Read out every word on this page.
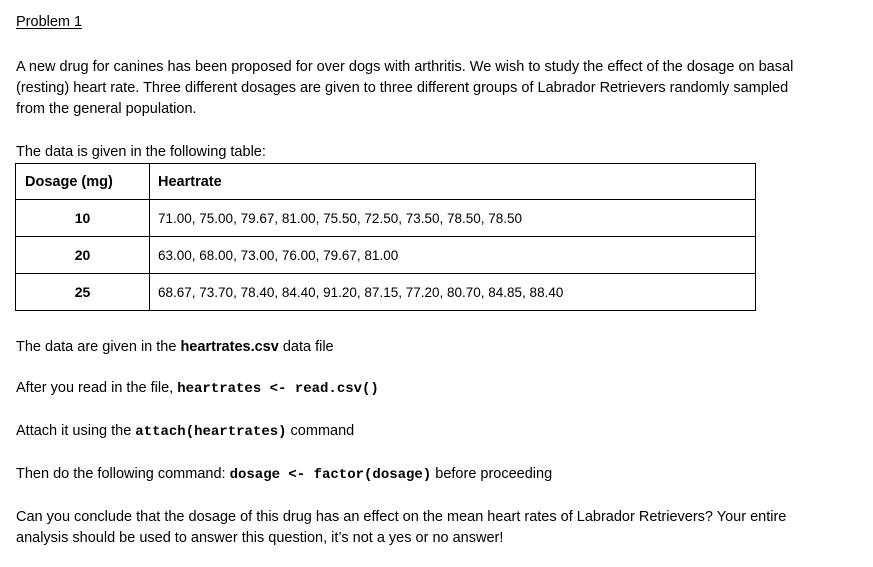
Problem 1
A new drug for canines has been proposed for over dogs with arthritis. We wish to study the effect of the dosage on basal
(resting) heart rate. Three different dosages are given to three different groups of Labrador Retrievers randomly sampled
from the general population.
The data is given in the following table:
Dosage (mg)	Heartrate
10	71.00, 75.00, 79.67, 81.00, 75.50, 72.50, 73.50, 78.50, 78.50
20	63.00, 68.00, 73.00, 76.00, 79.67, 81.00
25	68.67, 73.70, 78.40, 84.40, 91.20, 87.15, 77.20, 80.70, 84.85, 88.40
The data are given in the heartrates.csv data file
After you read in the file, heartrates <- read.csv()
Attach it using the attach(heartrates) command
Then do the following command: dosage <- factor(dosage) before proceeding
Can you conclude that the dosage of this drug has an effect on the mean heart rates of Labrador Retrievers? Your entire
analysis should be used to answer this question, it’s not a yes or no answer!
